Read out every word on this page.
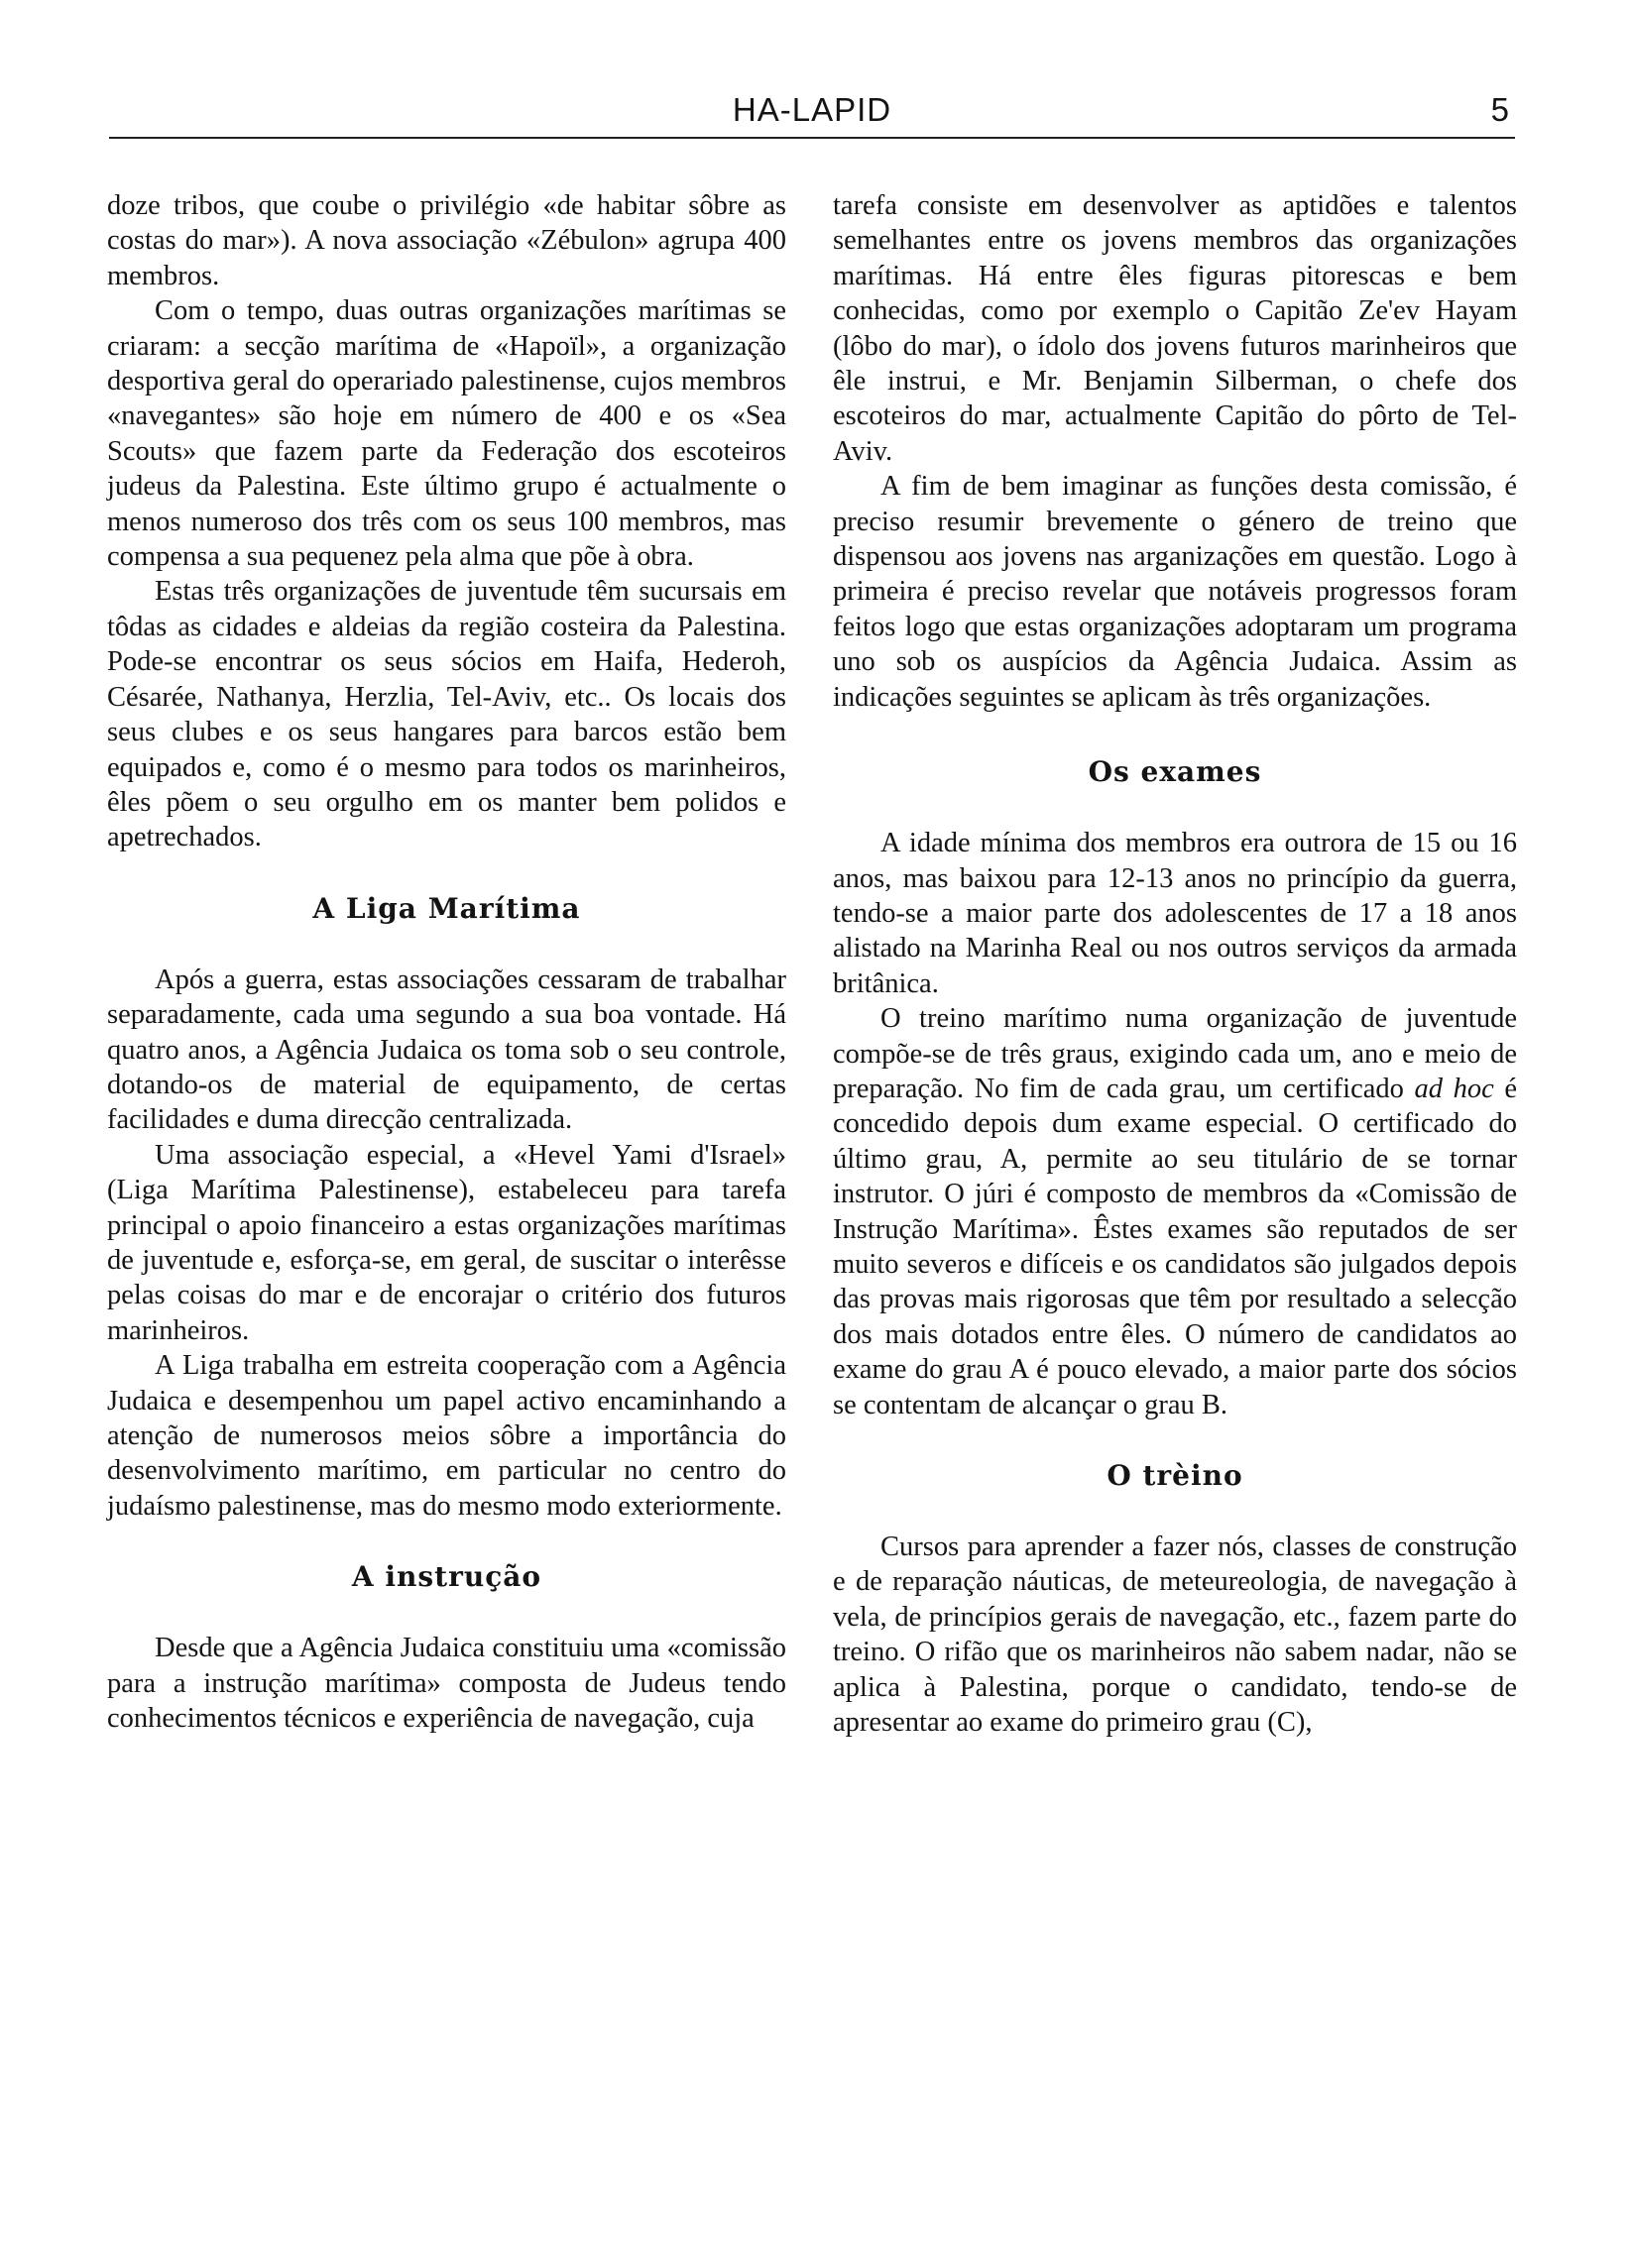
HA-LAPID	5

doze tribos, que coube o privilégio «de habitar sôbre as costas do mar»). A nova associação «Zébulon» agrupa 400 membros.

Com o tempo, duas outras organizações marítimas se criaram: a secção marítima de «Hapoïl», a organização desportiva geral do operariado palestinense, cujos membros «navegantes» são hoje em número de 400 e os «Sea Scouts» que fazem parte da Federação dos escoteiros judeus da Palestina. Este último grupo é actualmente o menos numeroso dos três com os seus 100 membros, mas compensa a sua pequenez pela alma que põe à obra.

Estas três organizações de juventude têm sucursais em tôdas as cidades e aldeias da região costeira da Palestina. Pode-se encontrar os seus sócios em Haifa, Hederoh, Césarée, Nathanya, Herzlia, Tel-Aviv, etc.. Os locais dos seus clubes e os seus hangares para barcos estão bem equipados e, como é o mesmo para todos os marinheiros, êles põem o seu orgulho em os manter bem polidos e apetrechados.

A Liga Marítima

Após a guerra, estas associações cessaram de trabalhar separadamente, cada uma segundo a sua boa vontade. Há quatro anos, a Agência Judaica os toma sob o seu controle, dotando-os de material de equipamento, de certas facilidades e duma direcção centralizada.

Uma associação especial, a «Hevel Yami d'Israel» (Liga Marítima Palestinense), estabeleceu para tarefa principal o apoio financeiro a estas organizações marítimas de juventude e, esforça-se, em geral, de suscitar o interêsse pelas coisas do mar e de encorajar o critério dos futuros marinheiros.

A Liga trabalha em estreita cooperação com a Agência Judaica e desempenhou um papel activo encaminhando a atenção de numerosos meios sôbre a importância do desenvolvimento marítimo, em particular no centro do judaísmo palestinense, mas do mesmo modo exteriormente.

A instrução

Desde que a Agência Judaica constituiu uma «comissão para a instrução marítima» composta de Judeus tendo conhecimentos técnicos e experiência de navegação, cuja

tarefa consiste em desenvolver as aptidões e talentos semelhantes entre os jovens membros das organizações marítimas. Há entre êles figuras pitorescas e bem conhecidas, como por exemplo o Capitão Ze'ev Hayam (lôbo do mar), o ídolo dos jovens futuros marinheiros que êle instrui, e Mr. Benjamin Silberman, o chefe dos escoteiros do mar, actualmente Capitão do pôrto de Tel-Aviv.

A fim de bem imaginar as funções desta comissão, é preciso resumir brevemente o género de treino que dispensou aos jovens nas arganizações em questão. Logo à primeira é preciso revelar que notáveis progressos foram feitos logo que estas organizações adoptaram um programa uno sob os auspícios da Agência Judaica. Assim as indicações seguintes se aplicam às três organizações.

Os exames

A idade mínima dos membros era outrora de 15 ou 16 anos, mas baixou para 12-13 anos no princípio da guerra, tendo-se a maior parte dos adolescentes de 17 a 18 anos alistado na Marinha Real ou nos outros serviços da armada britânica.

O treino marítimo numa organização de juventude compõe-se de três graus, exigindo cada um, ano e meio de preparação. No fim de cada grau, um certificado ad hoc é concedido depois dum exame especial. O certificado do último grau, A, permite ao seu titulário de se tornar instrutor. O júri é composto de membros da «Comissão de Instrução Marítima». Êstes exames são reputados de ser muito severos e difíceis e os candidatos são julgados depois das provas mais rigorosas que têm por resultado a selecção dos mais dotados entre êles. O número de candidatos ao exame do grau A é pouco elevado, a maior parte dos sócios se contentam de alcançar o grau B.

O trèino

Cursos para aprender a fazer nós, classes de construção e de reparação náuticas, de meteureologia, de navegação à vela, de princípios gerais de navegação, etc., fazem parte do treino. O rifão que os marinheiros não sabem nadar, não se aplica à Palestina, porque o candidato, tendo-se de apresentar ao exame do primeiro grau (C),
